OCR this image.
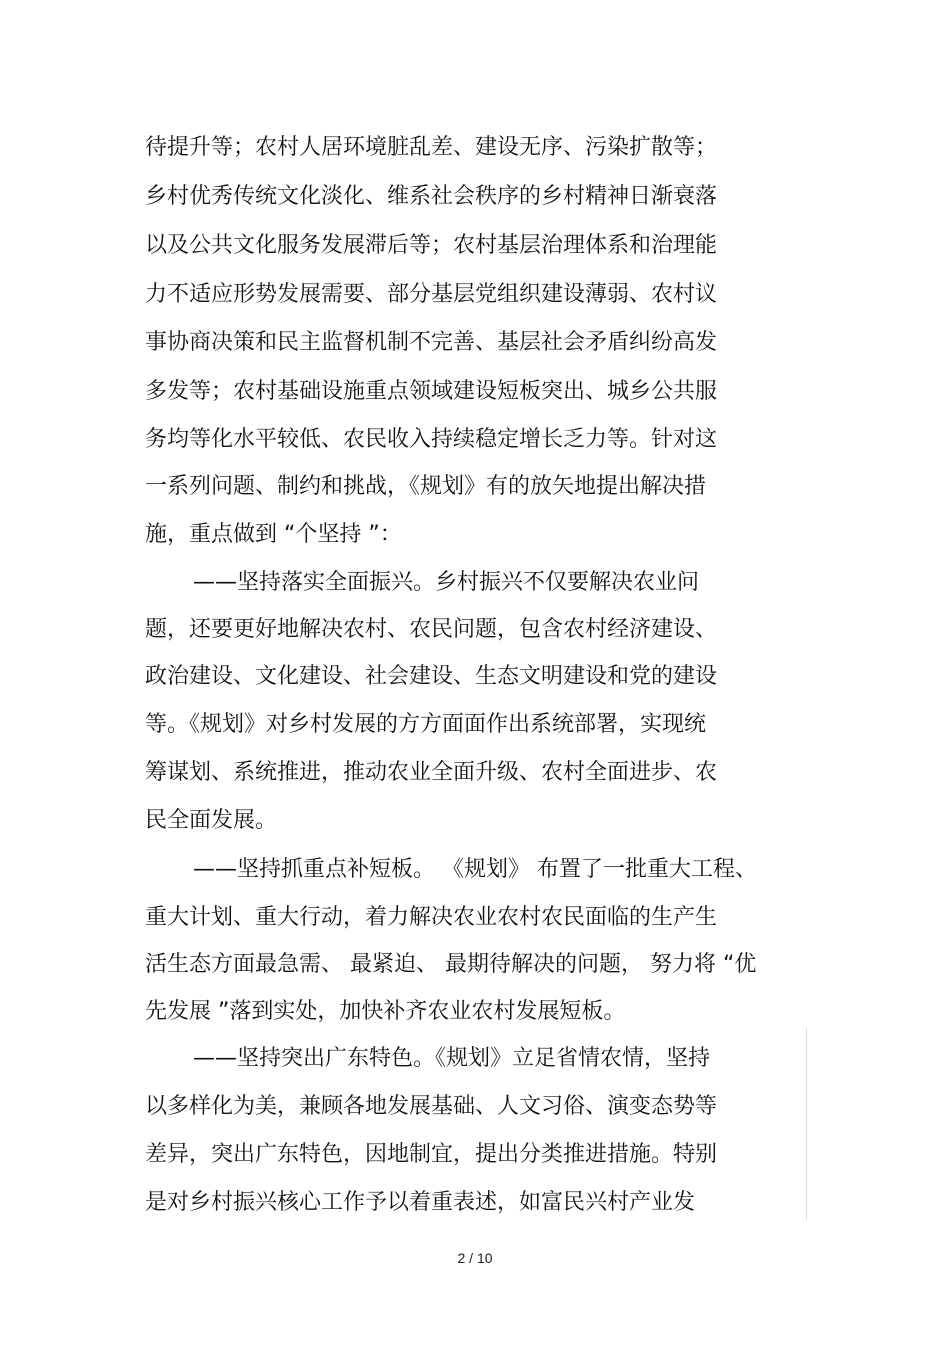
待提升等；农村人居环境脏乱差、建设无序、污染扩散等；
乡村优秀传统文化淡化、维系社会秩序的乡村精神日渐衰落
以及公共文化服务发展滞后等；农村基层治理体系和治理能
力不适应形势发展需要、部分基层党组织建设薄弱、农村议
事协商决策和民主监督机制不完善、基层社会矛盾纠纷高发
多发等；农村基础设施重点领域建设短板突出、城乡公共服
务均等化水平较低、农民收入持续稳定增长乏力等。针对这
一系列问题、制约和挑战，《规划》有的放矢地提出解决措
施，重点做到 “个坚持 ”：
——坚持落实全面振兴。乡村振兴不仅要解决农业问
题，还要更好地解决农村、农民问题，包含农村经济建设、
政治建设、文化建设、社会建设、生态文明建设和党的建设
等。《规划》对乡村发展的方方面面作出系统部署，实现统
筹谋划、系统推进，推动农业全面升级、农村全面进步、农
民全面发展。
——坚持抓重点补短板。 《规划》 布置了一批重大工程、
重大计划、重大行动，着力解决农业农村农民面临的生产生
活生态方面最急需、 最紧迫、 最期待解决的问题， 努力将 “优
先发展 ”落到实处，加快补齐农业农村发展短板。
——坚持突出广东特色。《规划》立足省情农情，坚持
以多样化为美，兼顾各地发展基础、人文习俗、演变态势等
差异，突出广东特色，因地制宜，提出分类推进措施。特别
是对乡村振兴核心工作予以着重表述，如富民兴村产业发
2 / 10
